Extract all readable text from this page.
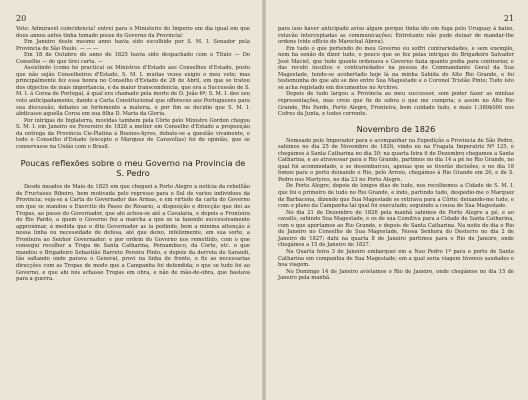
20

Voto: Admiravel coincidencia! entrei para o Ministerio do Imperio em dia igual em que dous annos antes tinha tomado posse do Governo da Provincia!

Em Janeiro deste mesmo anno havia sido escolhido por S. M. I. Senador pela Provincia de São Paulo. — — —

Em 18 de Outubro do anno de 1825 havia sido despachado com o Titulo — Do Conselho — de que tirei carta. —

Assistindo (como he practica) os Ministros d'Estado aos Conselhos d'Estado, posto que não sejão Conselheiros d'Estado, S. M. I. muitas vezes exigio o meu voto; mas principalmente fez essa honra no Conselho d'Estado de 28 de Abril, em que se tratou dos objectos de mais importancia, e da maior transcendencia, que era a Successão de S. M. I. á Coroa de Portugal, á qual era chamado pela morte de D. João 6º; S. M. I. deo seu voto anticipadamente, dando a Carta Constitucional que offereceo aos Portuguezes para sua discussão, debates se fortemente a materia, e por fim se decidio que S. M. I. abdicasse aquella Coroa em sua filha D. Maria da Gloria.

Por intrigas de Inglaterra, movidas tambem pela Côrte pelo Ministro Gordon chegou S. M. I. em Janeiro ou Fevereiro de 1828 a metter em Conselho d'Estado a proposição da entrega da Provincia Cis-Platina á Buenos-Ayres, debate-se a questão vivamente, e todo o Conselho d'Estado (excepto o Marquez de Caravellas) foi de opinião, que se conservasse na União com o Brasil.

Poucas reflexões sobre o meu Governo na Provincia de S. Pedro

Desde meados de Maio de 1825 em que cheguei a Porto Alegre a noticia da rebellião de Fructuoso Ribeiro, bem motivada pelo regresso para o Sul de varios individuos da Provincia; veja-se a Carta do Governador das Armas, e em virtude da carta do Governo em que se mandou o Exercito do Passo do Rosario, a disposição e direcção que dei as Tropas, ao passo do Governador, que ahi achou-se até a Cavalaria, e depois a Fronteira do Rio Pardo, a quem o Governo fez a marcha a que se ia fazendo successivamente approximar, á medida que o dito Governador as ia pedindo, bem a minima attenção á nossa linha ou necessidade de defesa, até que deixo, infelizmente, em sua sorte, a Fronteira ao Senhor Governador; e por ordem do Governo nos remettido, com o que consegui recolher a Tropa de Santa Catharina, Pernambuco, da Corte, etc. o que mandou o Brigadeiro Sebastião Barreto Pereira Pinto, e depois da derrota do Sarandi, tão saltando onde parava o General, provi na linha de frente, e fiz as necessarias direcções com as Tropas de modo que a Campanha foi defendida; o que se tudo foi ao Governo, e que ahi nós achasse Tropas em obra, e não de mão-de-obra, que bastava para a guerra.

21

para isso haver anticipado aviso algum porque tinha ido em fuga pelo Uruguay á baixo, rotavão interceptadas as communicações; Entretanto não pude deixar de mandar-lhe ordens (vide officio do Marechal Abreu).

Em tudo o que pertendo do meu Governo eu soffri contrariedades, e sem exemplo, nem ha senão de dizer tudo, o pouco que se fez pelas intrigas do Brigadeiro Salvador José Maciel, que tudo quanto ordenava o Governo fazia quanto podia para contrariar, e das recebi insultos e contrariedades na pessoa do Commandante Geral da Sua Magestade, tendo-se acobertado hoje lá na minha Sahida do Alto Rio Grande, e foi testemunha do que ahi se deo entre Sua Magestade e o Coronel Tristão Pinto; Tudo isto se acha registado em documentos no Archivo.

Depois de tudo largou a Provincia ao meu successor, sem poder fazer as minhas representações, mas creio que fiz de sobra o que me cumpria; e assim no Alto Rio Grande, Rio Pardo, Porto Alegre, Fronteira, bem cuidado tudo, e mais 1:360$000 nos Cofres da Junta, e todos corrente.

Novembro de 1826

Nomeado pelo Imperador para o acompanhar na Expedição a Provincia de São Pedro, sahimos no dia 25 de Novembro de 1826, vindo eu na Fragata Imperatriz Nº 125, e chegámos á Santa Catharina no dia 30; na quarta feira 6 de Dezembro chegamos a Santa Catharina, e ao atravessar para o Rio Grande, partimos no dia 14 a pé no Rio Grande, no qual foi acommodado, e se desembarcou, apenas que se tiverão decisões, e no dia 18 fomos para o porto deixando o Rio, pelo Arroio, chegámos á Rio Grande em 20, e de S. Pedro nos Martyres, no dia 23 no Porto Alegre.

De Porto Alegre, depois de longos dias de tudo, nos recolhemos a Cidade de S. M. I. que foi o primeiro de tudo no Rio Grande, e indo, partindo tudo, despedio-me o Marquez de Barbacena, dizendo que Sua Magestade se retirava para a Côrte; deixando-me tudo, e com o plano da Campanha tal qual foi executado; seguindo a cousa de Sua Magestade.

No dia 21 de Dezembro de 1826 pela manhã sahimos de Porto Alegre a pé, e ao cavallo, sahindo Sua Magestade, e os de sua Comitiva para a Cidade de Santa Catharina, com o que aportamos ao Rio Grande, e depois de Santa Catharina. Na noite de dia o Rio de Janeiro no Conselho de Sua Magestade, Nossa Senhora do Desterro no dia 2 de Janeiro de 1827; dahi na quarta 8 de Janeiro partimos para o Rio de Janeiro, onde chegámos a 15 de Janeiro de 1827.

Na Quarta feira 3 de Janeiro embarquei em a Nao Pedro 1º para o porto de Santa Catharina em companhia de Sua Magestade; em a qual seria viagem tivemos saudades e boa viagem.

No Domingo 14 de Janeiro avistamos o Rio de Janeiro, onde chegámos no dia 15 de Janeiro pela manhã.
